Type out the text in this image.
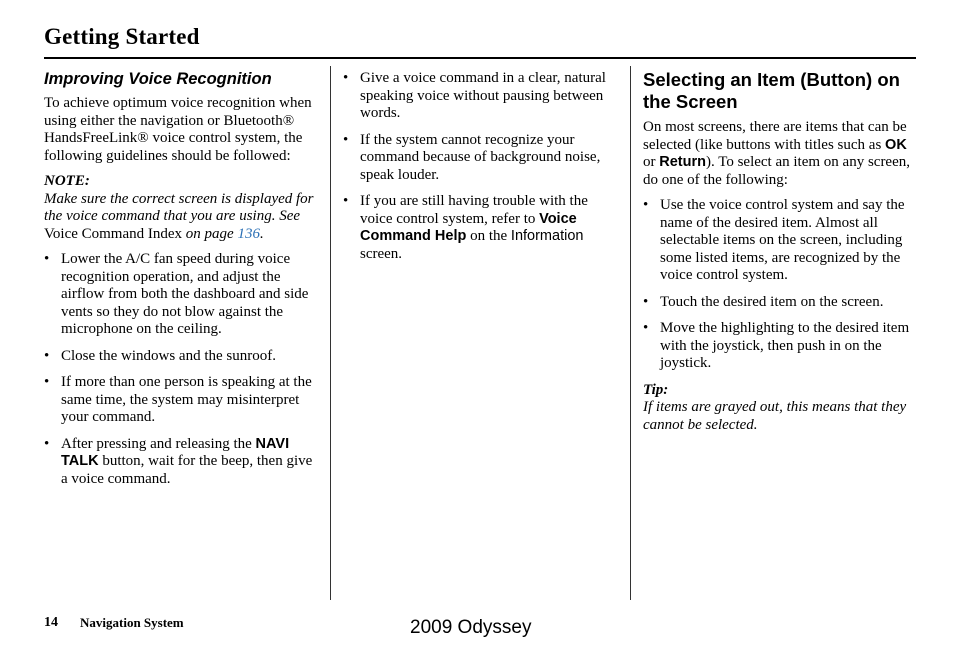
Getting Started
Improving Voice Recognition

To achieve optimum voice recognition when using either the navigation or Bluetooth® HandsFreeLink® voice control system, the following guidelines should be followed:

NOTE:

Make sure the correct screen is displayed for the voice command that you are using. See Voice Command Index on page 136.

• Lower the A/C fan speed during voice recognition operation, and adjust the airflow from both the dashboard and side vents so they do not blow against the microphone on the ceiling.
• Close the windows and the sunroof.
• If more than one person is speaking at the same time, the system may misinterpret your command.
• After pressing and releasing the NAVI TALK button, wait for the beep, then give a voice command.
• Give a voice command in a clear, natural speaking voice without pausing between words.
• If the system cannot recognize your command because of background noise, speak louder.
• If you are still having trouble with the voice control system, refer to Voice Command Help on the Information screen.
Selecting an Item (Button) on the Screen

On most screens, there are items that can be selected (like buttons with titles such as OK or Return). To select an item on any screen, do one of the following:

• Use the voice control system and say the name of the desired item. Almost all selectable items on the screen, including some listed items, are recognized by the voice control system.
• Touch the desired item on the screen.
• Move the highlighting to the desired item with the joystick, then push in on the joystick.

Tip:

If items are grayed out, this means that they cannot be selected.

14 Navigation System	2009 Odyssey
